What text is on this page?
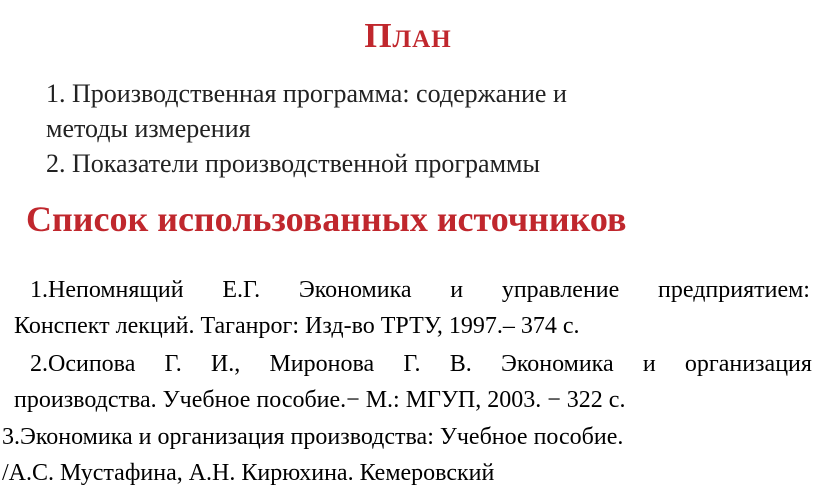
План
1. Производственная программа: содержание и
методы измерения
2. Показатели производственной программы
Список использованных источников
1.Непомнящий Е.Г. Экономика и управление предприятием:
Конспект лекций. Таганрог: Изд-во ТРТУ, 1997.– 374 с.
2.Осипова Г. И., Миронова Г. В. Экономика и организация
производства. Учебное пособие.− М.: МГУП, 2003. − 322 с.
3.Экономика и организация производства: Учебное пособие.
/А.С. Мустафина, А.Н. Кирюхина. Кемеровский
